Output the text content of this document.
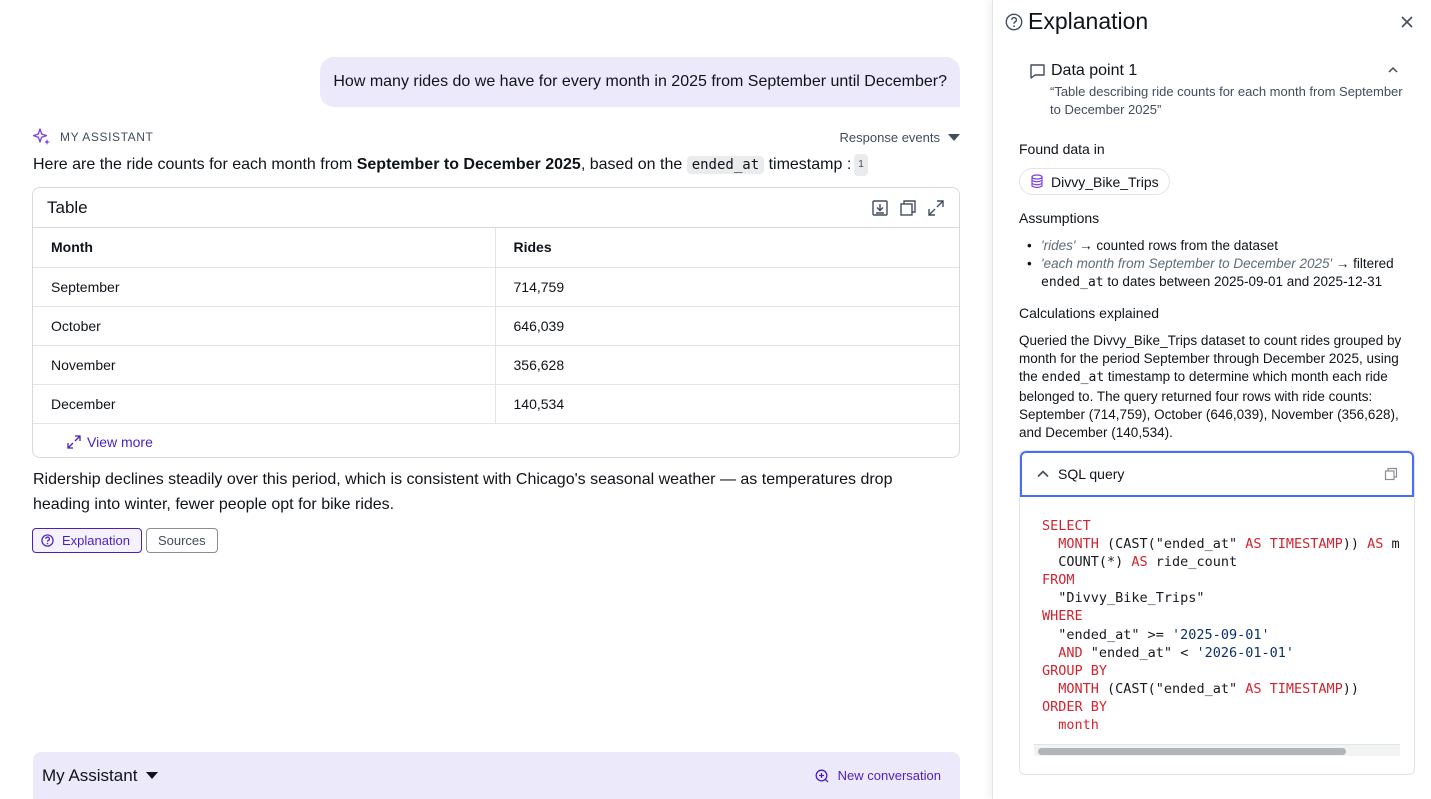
How many rides do we have for every month in 2025 from September until December?
MY ASSISTANT	Response events
Here are the ride counts for each month from September to December 2025, based on the ended_at timestamp : 1
Table
Month	Rides
September	714,759
October	646,039
November	356,628
December	140,534
View more
Ridership declines steadily over this period, which is consistent with Chicago's seasonal weather — as temperatures drop heading into winter, fewer people opt for bike rides.
Explanation Sources
My Assistant	New conversation
Explanation
Data point 1
“Table describing ride counts for each month from September to December 2025”
Found data in
Divvy_Bike_Trips
Assumptions
• 'rides' → counted rows from the dataset
• 'each month from September to December 2025' → filtered ended_at to dates between 2025-09-01 and 2025-12-31
Calculations explained
Queried the Divvy_Bike_Trips dataset to count rides grouped by month for the period September through December 2025, using the ended_at timestamp to determine which month each ride belonged to. The query returned four rows with ride counts: September (714,759), October (646,039), November (356,628), and December (140,534).
SQL query
SELECT
MONTH (CAST("ended_at" AS TIMESTAMP)) AS m
COUNT(*) AS ride_count
FROM
"Divvy_Bike_Trips"
WHERE
"ended_at" >= '2025-09-01'
AND "ended_at" < '2026-01-01'
GROUP BY
MONTH (CAST("ended_at" AS TIMESTAMP))
ORDER BY
month
